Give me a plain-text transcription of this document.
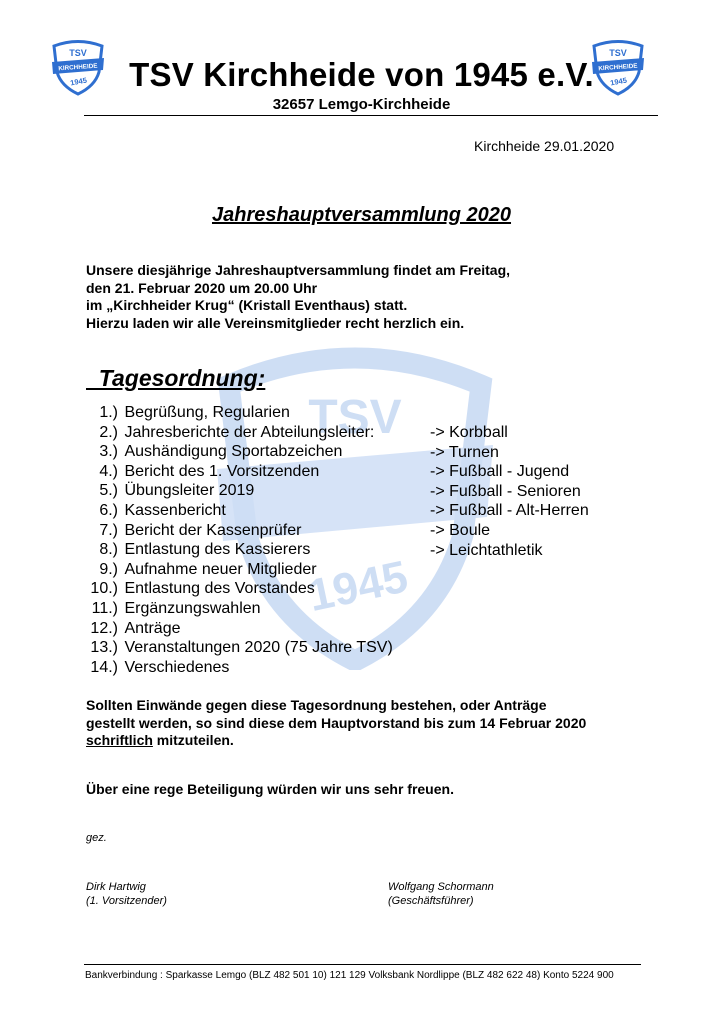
TSV
1945
TSV
KIRCHHEIDE
1945
TSV
KIRCHHEIDE
1945
TSV Kirchheide von 1945 e.V.
32657 Lemgo-Kirchheide
Kirchheide 29.01.2020
Jahreshauptversammlung 2020
Unsere diesjährige Jahreshauptversammlung findet am Freitag,
den 21. Februar 2020 um 20.00 Uhr
im „Kirchheider Krug“ (Kristall Eventhaus) statt.
Hierzu laden wir alle Vereinsmitglieder recht herzlich ein.
Tagesordnung:
1.) Begrüßung, Regularien
2.) Jahresberichte der Abteilungsleiter:
3.) Aushändigung Sportabzeichen
4.) Bericht des 1. Vorsitzenden
5.) Übungsleiter 2019
6.) Kassenbericht
7.) Bericht der Kassenprüfer
8.) Entlastung des Kassierers
9.) Aufnahme neuer Mitglieder
10.) Entlastung des Vorstandes
11.) Ergänzungswahlen
12.) Anträge
13.) Veranstaltungen 2020 (75 Jahre TSV)
14.) Verschiedenes
-> Korbball
-> Turnen
-> Fußball - Jugend
-> Fußball - Senioren
-> Fußball - Alt-Herren
-> Boule
-> Leichtathletik
Sollten Einwände gegen diese Tagesordnung bestehen, oder Anträge
gestellt werden, so sind diese dem Hauptvorstand bis zum 14 Februar 2020
schriftlich mitzuteilen.
Über eine rege Beteiligung würden wir uns sehr freuen.
gez.
Dirk Hartwig
(1. Vorsitzender)
Wolfgang Schormann
(Geschäftsführer)
Bankverbindung : Sparkasse Lemgo (BLZ 482 501 10) 121 129 Volksbank Nordlippe (BLZ 482 622 48) Konto 5224 900
